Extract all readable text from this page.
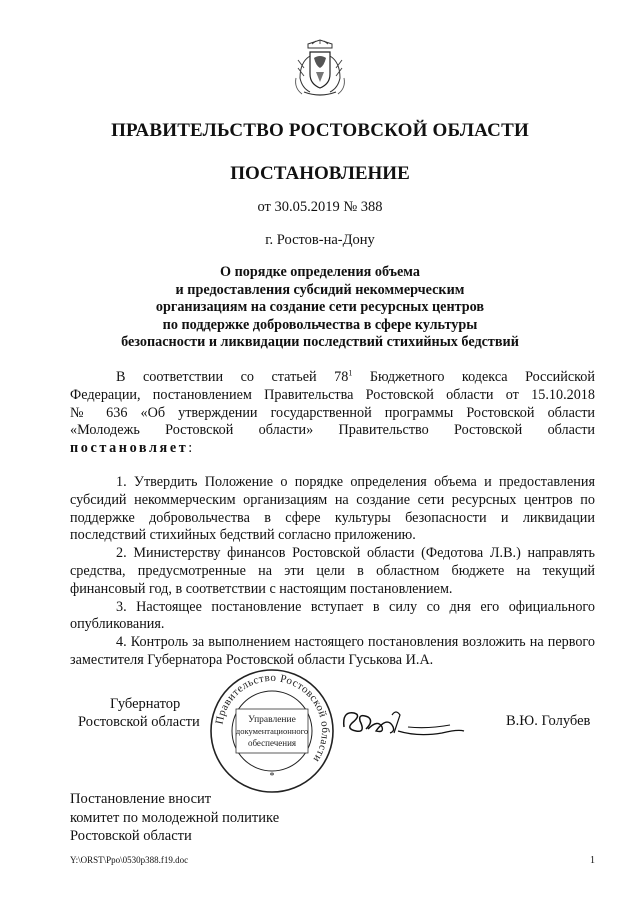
ПРАВИТЕЛЬСТВО РОСТОВСКОЙ ОБЛАСТИ
ПОСТАНОВЛЕНИЕ
от 30.05.2019 № 388
г. Ростов-на-Дону
О порядке определения объема
и предоставления субсидий некоммерческим
организациям на создание сети ресурсных центров
по поддержке добровольчества в сфере культуры
безопасности и ликвидации последствий стихийных бедствий
В соответствии со статьей $78^1$ Бюджетного кодекса Российской
Федерации, постановлением Правительства Ростовской области от 15.10.2018
№ 636 «Об утверждении государственной программы Ростовской области
«Молодежь Ростовской области» Правительство Ростовской области
постановляет:

1. Утвердить Положение о порядке определения объема и предоставления субсидий некоммерческим организациям на создание сети ресурсных центров по поддержке добровольчества в сфере культуры безопасности и ликвидации последствий стихийных бедствий согласно приложению.

2. Министерству финансов Ростовской области (Федотова Л.В.) направлять средства, предусмотренные на эти цели в областном бюджете на текущий финансовый год, в соответствии с настоящим постановлением.

3. Настоящее постановление вступает в силу со дня его официального опубликования.

4. Контроль за выполнением настоящего постановления возложить на первого заместителя Губернатора Ростовской области Гуськова И.А.

Губернатор
Ростовской области Правительство Ростовской области
Управление
документационного
обеспечения
*
В.Ю. Голубев
Постановление вносит
комитет по молодежной политике
Ростовской области
Y:\ORST\Ppo\0530p388.f19.doc	1
